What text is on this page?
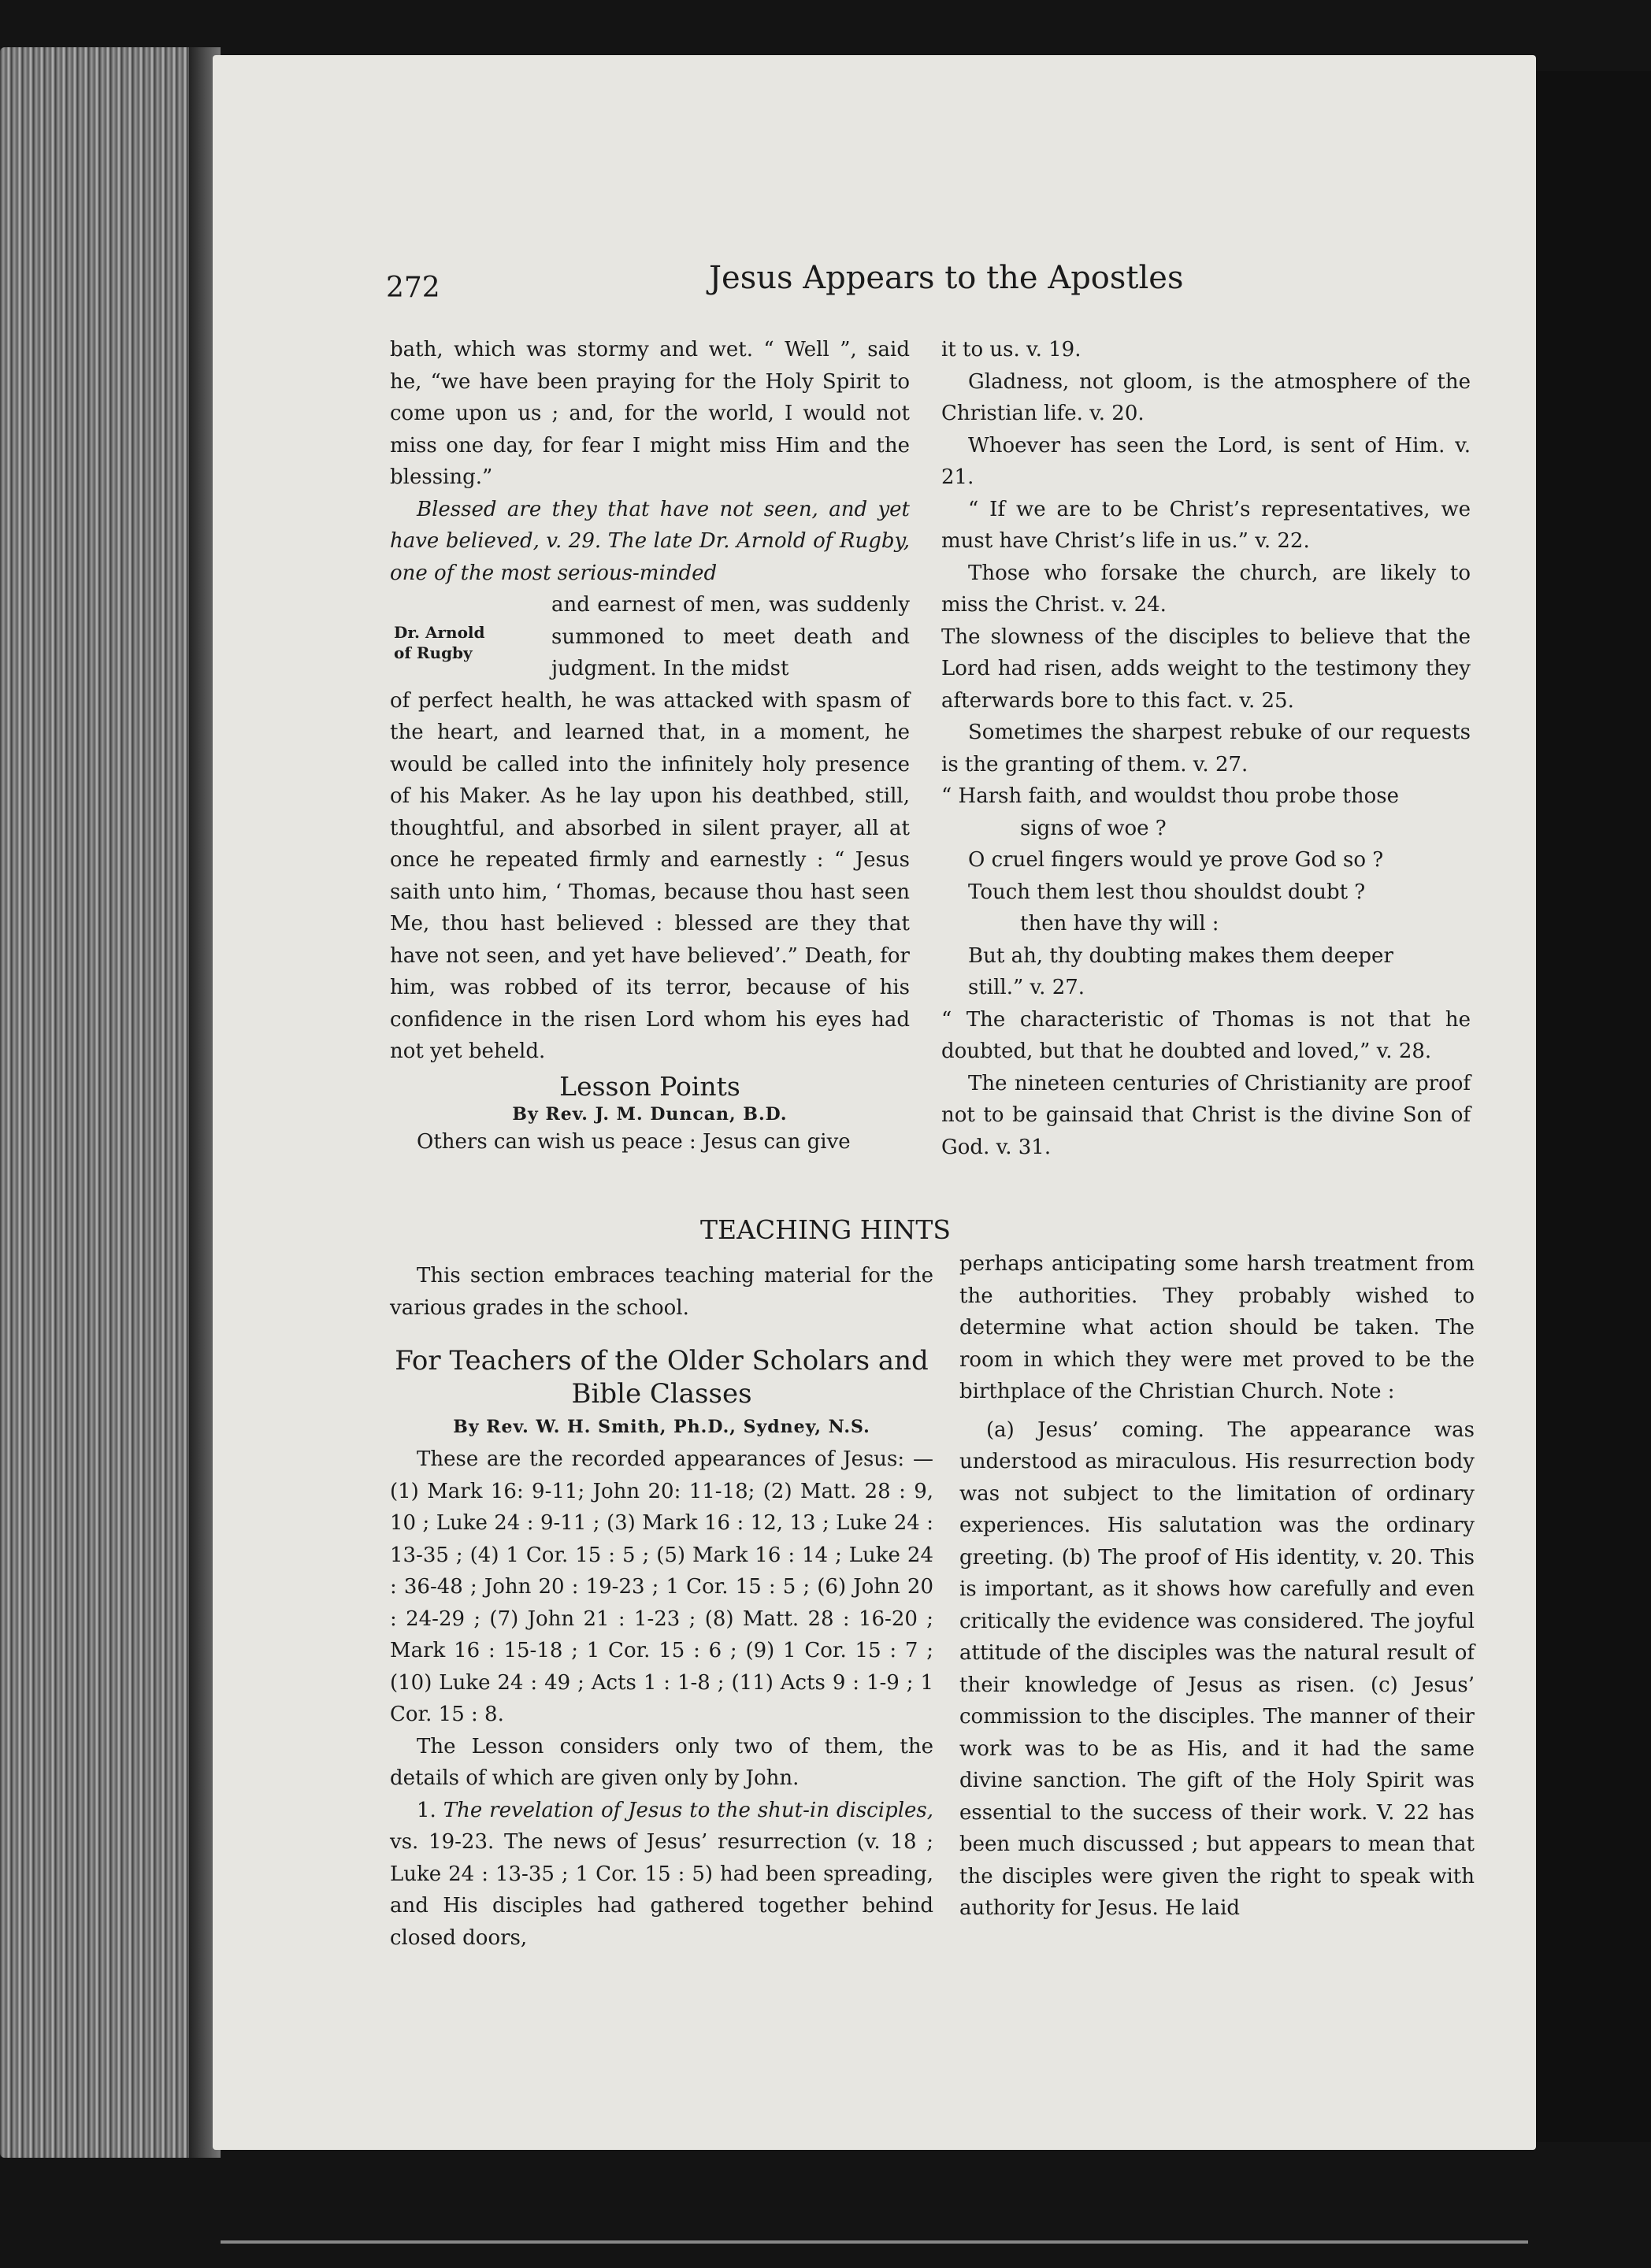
272	Jesus Appears to the Apostles

bath, which was stormy and wet. “ Well ”, said he, “we have been praying for the Holy Spirit to come upon us ; and, for the world, I would not miss one day, for fear I might miss Him and the blessing.”

Blessed are they that have not seen, and yet have believed, v. 29. The late Dr. Arnold of Rugby, one of the most serious-minded

and earnest of men, was suddenly summoned to meet death and judgment. In the midst

of perfect health, he was attacked with spasm of the heart, and learned that, in a moment, he would be called into the infinitely holy presence of his Maker. As he lay upon his deathbed, still, thoughtful, and absorbed in silent prayer, all at once he repeated firmly and earnestly : “ Jesus saith unto him, ‘ Thomas, because thou hast seen Me, thou hast believed : blessed are they that have not seen, and yet have believed’.” Death, for him, was robbed of its terror, because of his confidence in the risen Lord whom his eyes had not yet beheld.

Lesson Points
By Rev. J. M. Duncan, B.D.

Others can wish us peace : Jesus can give

Dr. Arnold of Rugby

it to us. v. 19.

Gladness, not gloom, is the atmosphere of the Christian life. v. 20.

Whoever has seen the Lord, is sent of Him. v. 21.

“ If we are to be Christ’s representatives, we must have Christ’s life in us.” v. 22.

Those who forsake the church, are likely to miss the Christ. v. 24.

The slowness of the disciples to believe that the Lord had risen, adds weight to the testimony they afterwards bore to this fact. v. 25.

Sometimes the sharpest rebuke of our requests is the granting of them. v. 27.

“ Harsh faith, and wouldst thou probe those

signs of woe ?

O cruel fingers would ye prove God so ?

Touch them lest thou shouldst doubt ?

then have thy will :

But ah, thy doubting makes them deeper

still.” v. 27.

“ The characteristic of Thomas is not that he doubted, but that he doubted and loved,” v. 28.

The nineteen centuries of Christianity are proof not to be gainsaid that Christ is the divine Son of God. v. 31.

TEACHING HINTS

This section embraces teaching material for the various grades in the school.

For Teachers of the Older Scholars and Bible Classes
By Rev. W. H. Smith, Ph.D., Sydney, N.S.

These are the recorded appearances of Jesus: —(1) Mark 16: 9-11; John 20: 11-18; (2) Matt. 28 : 9, 10 ; Luke 24 : 9-11 ; (3) Mark 16 : 12, 13 ; Luke 24 : 13-35 ; (4) 1 Cor. 15 : 5 ; (5) Mark 16 : 14 ; Luke 24 : 36-48 ; John 20 : 19-23 ; 1 Cor. 15 : 5 ; (6) John 20 : 24-29 ; (7) John 21 : 1-23 ; (8) Matt. 28 : 16-20 ; Mark 16 : 15-18 ; 1 Cor. 15 : 6 ; (9) 1 Cor. 15 : 7 ; (10) Luke 24 : 49 ; Acts 1 : 1-8 ; (11) Acts 9 : 1-9 ; 1 Cor. 15 : 8.

The Lesson considers only two of them, the details of which are given only by John.

1. The revelation of Jesus to the shut-in disciples, vs. 19-23. The news of Jesus’ resurrection (v. 18 ; Luke 24 : 13-35 ; 1 Cor. 15 : 5) had been spreading, and His disciples had gathered together behind closed doors,

perhaps anticipating some harsh treatment from the authorities. They probably wished to determine what action should be taken. The room in which they were met proved to be the birthplace of the Christian Church. Note :

(a) Jesus’ coming. The appearance was understood as miraculous. His resurrection body was not subject to the limitation of ordinary experiences. His salutation was the ordinary greeting. (b) The proof of His identity, v. 20. This is important, as it shows how carefully and even critically the evidence was considered. The joyful attitude of the disciples was the natural result of their knowledge of Jesus as risen. (c) Jesus’ commission to the disciples. The manner of their work was to be as His, and it had the same divine sanction. The gift of the Holy Spirit was essential to the success of their work. V. 22 has been much discussed ; but appears to mean that the disciples were given the right to speak with authority for Jesus. He laid
